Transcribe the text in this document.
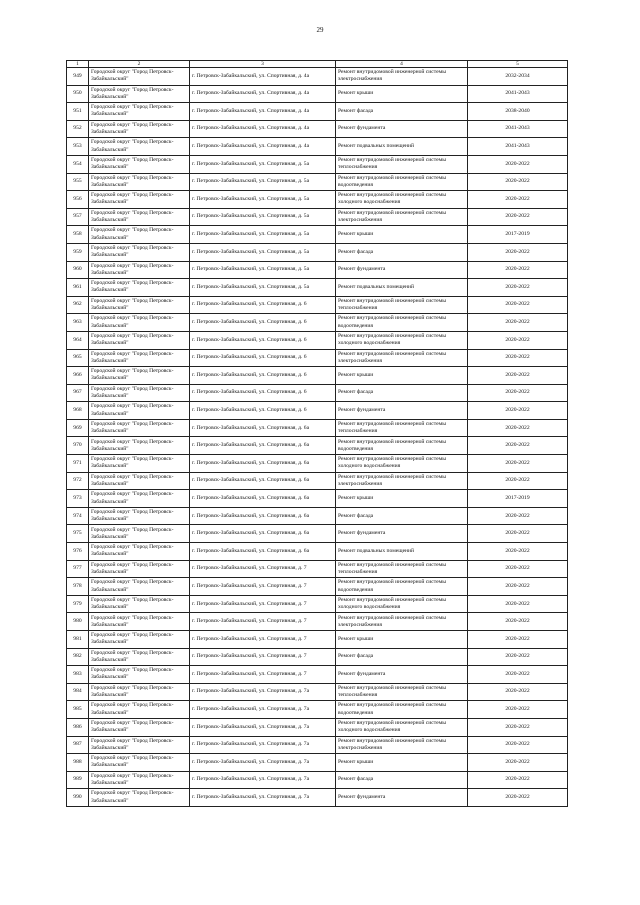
29
1	2	3	4	5
949	Городской округ "Город Петровск-Забайкальский"	г. Петровск-Забайкальский, ул. Спортивная, д. 4а	Ремонт внутридомовой инженерной системы электроснабжения	2032-2034
950	Городской округ "Город Петровск-Забайкальский"	г. Петровск-Забайкальский, ул. Спортивная, д. 4а	Ремонт крыши	2041-2043
951	Городской округ "Город Петровск-Забайкальский"	г. Петровск-Забайкальский, ул. Спортивная, д. 4а	Ремонт фасада	2038-2040
952	Городской округ "Город Петровск-Забайкальский"	г. Петровск-Забайкальский, ул. Спортивная, д. 4а	Ремонт фундамента	2041-2043
953	Городской округ "Город Петровск-Забайкальский"	г. Петровск-Забайкальский, ул. Спортивная, д. 4а	Ремонт подвальных помещений	2041-2043
954	Городской округ "Город Петровск-Забайкальский"	г. Петровск-Забайкальский, ул. Спортивная, д. 5а	Ремонт внутридомовой инженерной системы теплоснабжения	2020-2022
955	Городской округ "Город Петровск-Забайкальский"	г. Петровск-Забайкальский, ул. Спортивная, д. 5а	Ремонт внутридомовой инженерной системы водоотведения	2020-2022
956	Городской округ "Город Петровск-Забайкальский"	г. Петровск-Забайкальский, ул. Спортивная, д. 5а	Ремонт внутридомовой инженерной системы холодного водоснабжения	2020-2022
957	Городской округ "Город Петровск-Забайкальский"	г. Петровск-Забайкальский, ул. Спортивная, д. 5а	Ремонт внутридомовой инженерной системы электроснабжения	2020-2022
958	Городской округ "Город Петровск-Забайкальский"	г. Петровск-Забайкальский, ул. Спортивная, д. 5а	Ремонт крыши	2017-2019
959	Городской округ "Город Петровск-Забайкальский"	г. Петровск-Забайкальский, ул. Спортивная, д. 5а	Ремонт фасада	2020-2022
960	Городской округ "Город Петровск-Забайкальский"	г. Петровск-Забайкальский, ул. Спортивная, д. 5а	Ремонт фундамента	2020-2022
961	Городской округ "Город Петровск-Забайкальский"	г. Петровск-Забайкальский, ул. Спортивная, д. 5а	Ремонт подвальных помещений	2020-2022
962	Городской округ "Город Петровск-Забайкальский"	г. Петровск-Забайкальский, ул. Спортивная, д. 6	Ремонт внутридомовой инженерной системы теплоснабжения	2020-2022
963	Городской округ "Город Петровск-Забайкальский"	г. Петровск-Забайкальский, ул. Спортивная, д. 6	Ремонт внутридомовой инженерной системы водоотведения	2020-2022
964	Городской округ "Город Петровск-Забайкальский"	г. Петровск-Забайкальский, ул. Спортивная, д. 6	Ремонт внутридомовой инженерной системы холодного водоснабжения	2020-2022
965	Городской округ "Город Петровск-Забайкальский"	г. Петровск-Забайкальский, ул. Спортивная, д. 6	Ремонт внутридомовой инженерной системы электроснабжения	2020-2022
966	Городской округ "Город Петровск-Забайкальский"	г. Петровск-Забайкальский, ул. Спортивная, д. 6	Ремонт крыши	2020-2022
967	Городской округ "Город Петровск-Забайкальский"	г. Петровск-Забайкальский, ул. Спортивная, д. 6	Ремонт фасада	2020-2022
968	Городской округ "Город Петровск-Забайкальский"	г. Петровск-Забайкальский, ул. Спортивная, д. 6	Ремонт фундамента	2020-2022
969	Городской округ "Город Петровск-Забайкальский"	г. Петровск-Забайкальский, ул. Спортивная, д. 6а	Ремонт внутридомовой инженерной системы теплоснабжения	2020-2022
970	Городской округ "Город Петровск-Забайкальский"	г. Петровск-Забайкальский, ул. Спортивная, д. 6а	Ремонт внутридомовой инженерной системы водоотведения	2020-2022
971	Городской округ "Город Петровск-Забайкальский"	г. Петровск-Забайкальский, ул. Спортивная, д. 6а	Ремонт внутридомовой инженерной системы холодного водоснабжения	2020-2022
972	Городской округ "Город Петровск-Забайкальский"	г. Петровск-Забайкальский, ул. Спортивная, д. 6а	Ремонт внутридомовой инженерной системы электроснабжения	2020-2022
973	Городской округ "Город Петровск-Забайкальский"	г. Петровск-Забайкальский, ул. Спортивная, д. 6а	Ремонт крыши	2017-2019
974	Городской округ "Город Петровск-Забайкальский"	г. Петровск-Забайкальский, ул. Спортивная, д. 6а	Ремонт фасада	2020-2022
975	Городской округ "Город Петровск-Забайкальский"	г. Петровск-Забайкальский, ул. Спортивная, д. 6а	Ремонт фундамента	2020-2022
976	Городской округ "Город Петровск-Забайкальский"	г. Петровск-Забайкальский, ул. Спортивная, д. 6а	Ремонт подвальных помещений	2020-2022
977	Городской округ "Город Петровск-Забайкальский"	г. Петровск-Забайкальский, ул. Спортивная, д. 7	Ремонт внутридомовой инженерной системы теплоснабжения	2020-2022
978	Городской округ "Город Петровск-Забайкальский"	г. Петровск-Забайкальский, ул. Спортивная, д. 7	Ремонт внутридомовой инженерной системы водоотведения	2020-2022
979	Городской округ "Город Петровск-Забайкальский"	г. Петровск-Забайкальский, ул. Спортивная, д. 7	Ремонт внутридомовой инженерной системы холодного водоснабжения	2020-2022
980	Городской округ "Город Петровск-Забайкальский"	г. Петровск-Забайкальский, ул. Спортивная, д. 7	Ремонт внутридомовой инженерной системы электроснабжения	2020-2022
981	Городской округ "Город Петровск-Забайкальский"	г. Петровск-Забайкальский, ул. Спортивная, д. 7	Ремонт крыши	2020-2022
982	Городской округ "Город Петровск-Забайкальский"	г. Петровск-Забайкальский, ул. Спортивная, д. 7	Ремонт фасада	2020-2022
983	Городской округ "Город Петровск-Забайкальский"	г. Петровск-Забайкальский, ул. Спортивная, д. 7	Ремонт фундамента	2020-2022
984	Городской округ "Город Петровск-Забайкальский"	г. Петровск-Забайкальский, ул. Спортивная, д. 7а	Ремонт внутридомовой инженерной системы теплоснабжения	2020-2022
985	Городской округ "Город Петровск-Забайкальский"	г. Петровск-Забайкальский, ул. Спортивная, д. 7а	Ремонт внутридомовой инженерной системы водоотведения	2020-2022
986	Городской округ "Город Петровск-Забайкальский"	г. Петровск-Забайкальский, ул. Спортивная, д. 7а	Ремонт внутридомовой инженерной системы холодного водоснабжения	2020-2022
987	Городской округ "Город Петровск-Забайкальский"	г. Петровск-Забайкальский, ул. Спортивная, д. 7а	Ремонт внутридомовой инженерной системы электроснабжения	2020-2022
988	Городской округ "Город Петровск-Забайкальский"	г. Петровск-Забайкальский, ул. Спортивная, д. 7а	Ремонт крыши	2020-2022
989	Городской округ "Город Петровск-Забайкальский"	г. Петровск-Забайкальский, ул. Спортивная, д. 7а	Ремонт фасада	2020-2022
990	Городской округ "Город Петровск-Забайкальский"	г. Петровск-Забайкальский, ул. Спортивная, д. 7а	Ремонт фундамента	2020-2022
